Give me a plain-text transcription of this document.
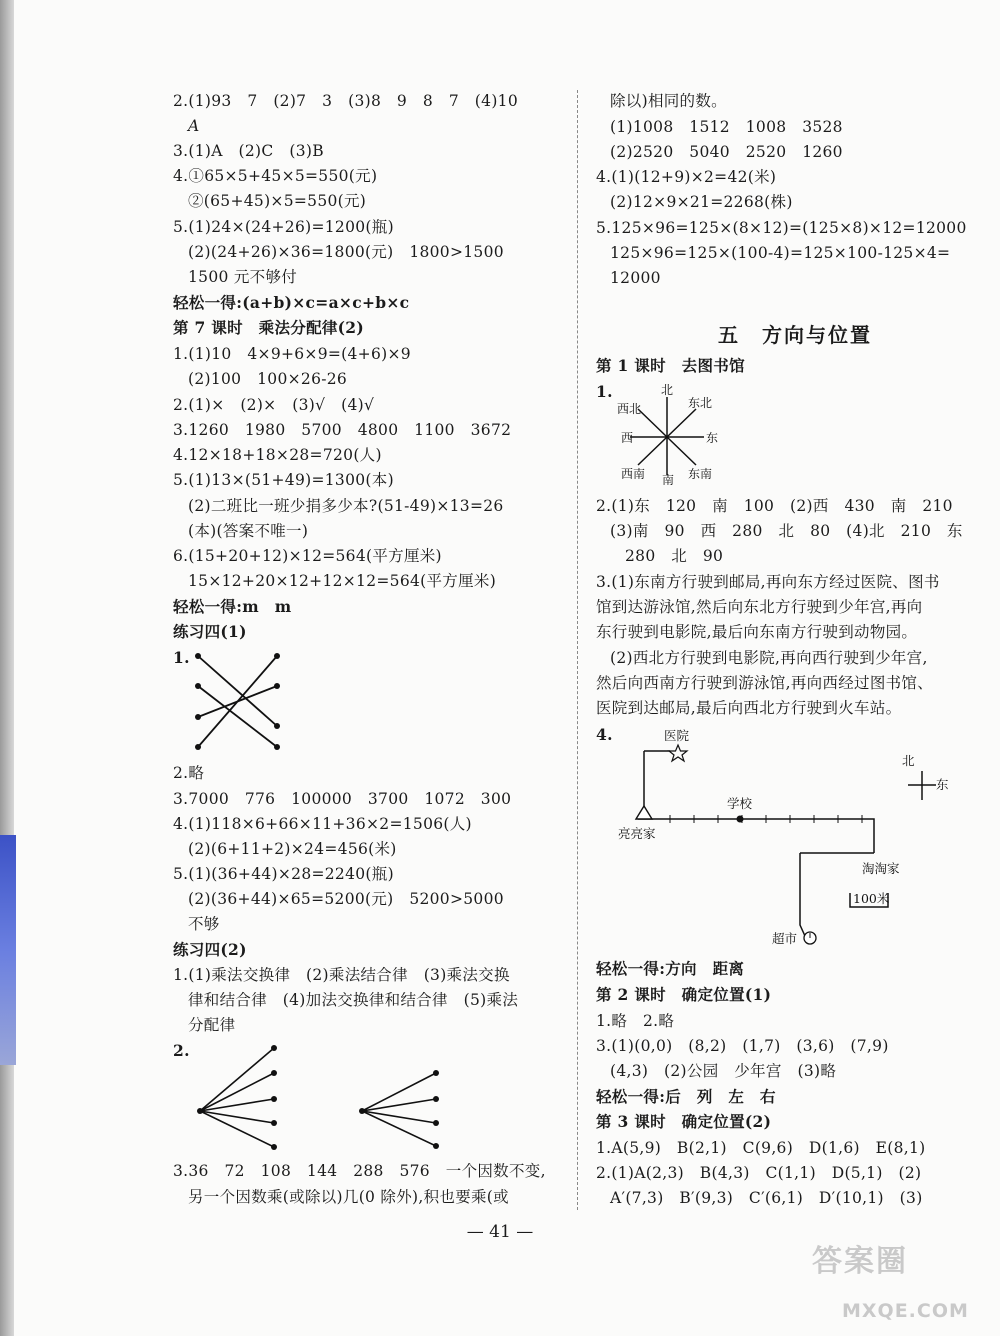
2.(1)93　7　(2)7　3　(3)8　9　8　7　(4)10
A
3.(1)A　(2)C　(3)B
4.①65×5+45×5=550(元)
②(65+45)×5=550(元)
5.(1)24×(24+26)=1200(瓶)
(2)(24+26)×36=1800(元)　1800>1500
1500 元不够付
轻松一得:(a+b)×c=a×c+b×c
第 7 课时　乘法分配律(2)
1.(1)10　4×9+6×9=(4+6)×9
(2)100　100×26-26
2.(1)×　(2)×　(3)√　(4)√
3.1260　1980　5700　4800　1100　3672
4.12×18+18×28=720(人)
5.(1)13×(51+49)=1300(本)
(2)二班比一班少捐多少本?(51-49)×13=26
(本)(答案不唯一)
6.(15+20+12)×12=564(平方厘米)
15×12+20×12+12×12=564(平方厘米)
轻松一得:m　m
练习四(1)
1.
2.略
3.7000　776　100000　3700　1072　300
4.(1)118×6+66×11+36×2=1506(人)
(2)(6+11+2)×24=456(米)
5.(1)(36+44)×28=2240(瓶)
(2)(36+44)×65=5200(元)　5200>5000
不够
练习四(2)
1.(1)乘法交换律　(2)乘法结合律　(3)乘法交换
律和结合律　(4)加法交换律和结合律　(5)乘法
分配律
2.
3.36　72　108　144　288　576　一个因数不变,
另一个因数乘(或除以)几(0 除外),积也要乘(或
除以)相同的数。
(1)1008　1512　1008　3528
(2)2520　5040　2520　1260
4.(1)(12+9)×2=42(米)
(2)12×9×21=2268(株)
5.125×96=125×(8×12)=(125×8)×12=12000
125×96=125×(100-4)=125×100-125×4=
12000
五　方向与位置
第 1 课时　去图书馆
1.	北
东北
东
东南
南
西南
西
西北
2.(1)东　120　南　100　(2)西　430　南　210
(3)南　90　西　280　北　80　(4)北　210　东
280　北　90
3.(1)东南方行驶到邮局,再向东方经过医院、图书
馆到达游泳馆,然后向东北方行驶到少年宫,再向
东行驶到电影院,最后向东南方行驶到动物园。
(2)西北方行驶到电影院,再向西行驶到少年宫,
然后向西南方行驶到游泳馆,再向西经过图书馆、
医院到达邮局,最后向西北方行驶到火车站。
4.	医院
学校
亮亮家
淘淘家
超市
100米
北
东
轻松一得:方向　距离
第 2 课时　确定位置(1)
1.略　2.略
3.(1)(0,0)　(8,2)　(1,7)　(3,6)　(7,9)
(4,3)　(2)公园　少年宫　(3)略
轻松一得:后　列　左　右
第 3 课时　确定位置(2)
1.A(5,9)　B(2,1)　C(9,6)　D(1,6)　E(8,1)
2.(1)A(2,3)　B(4,3)　C(1,1)　D(5,1)　(2)
A′(7,3)　B′(9,3)　C′(6,1)　D′(10,1)　(3)
— 41 —
答案圈
MXQE.COM
